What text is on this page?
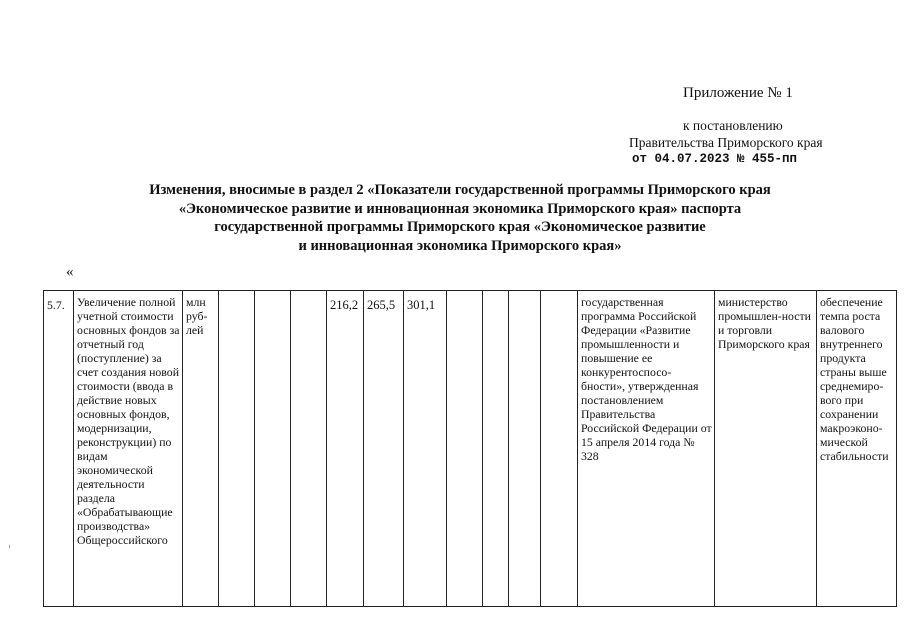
Приложение № 1
к постановлению
Правительства Приморского края
от 04.07.2023 № 455-пп
Изменения, вносимые в раздел 2 «Показатели государственной программы Приморского края
«Экономическое развитие и инновационная экономика Приморского края» паспорта
государственной программы Приморского края «Экономическое развитие
и инновационная экономика Приморского края»
«
5.7.	Увеличение полной учетной стоимости основных фондов за отчетный год (поступление) за счет создания новой стоимости (ввода в действие новых основных фондов, модернизации, реконструкции) по видам экономической деятельности раздела «Обрабатывающие производства» Общероссийского	млн руб-лей				216,2	265,5	301,1					государственная программа Российской Федерации «Развитие промышленности и повышение ее конкурентоспосо-бности», утвержденная постановлением Правительства Российской Федерации от 15 апреля 2014 года № 328	министерство промышлен-ности и торговли Приморского края	обеспечение темпа роста валового внутреннего продукта страны выше среднемиро-вого при сохранении макроэконо-мической стабильности
